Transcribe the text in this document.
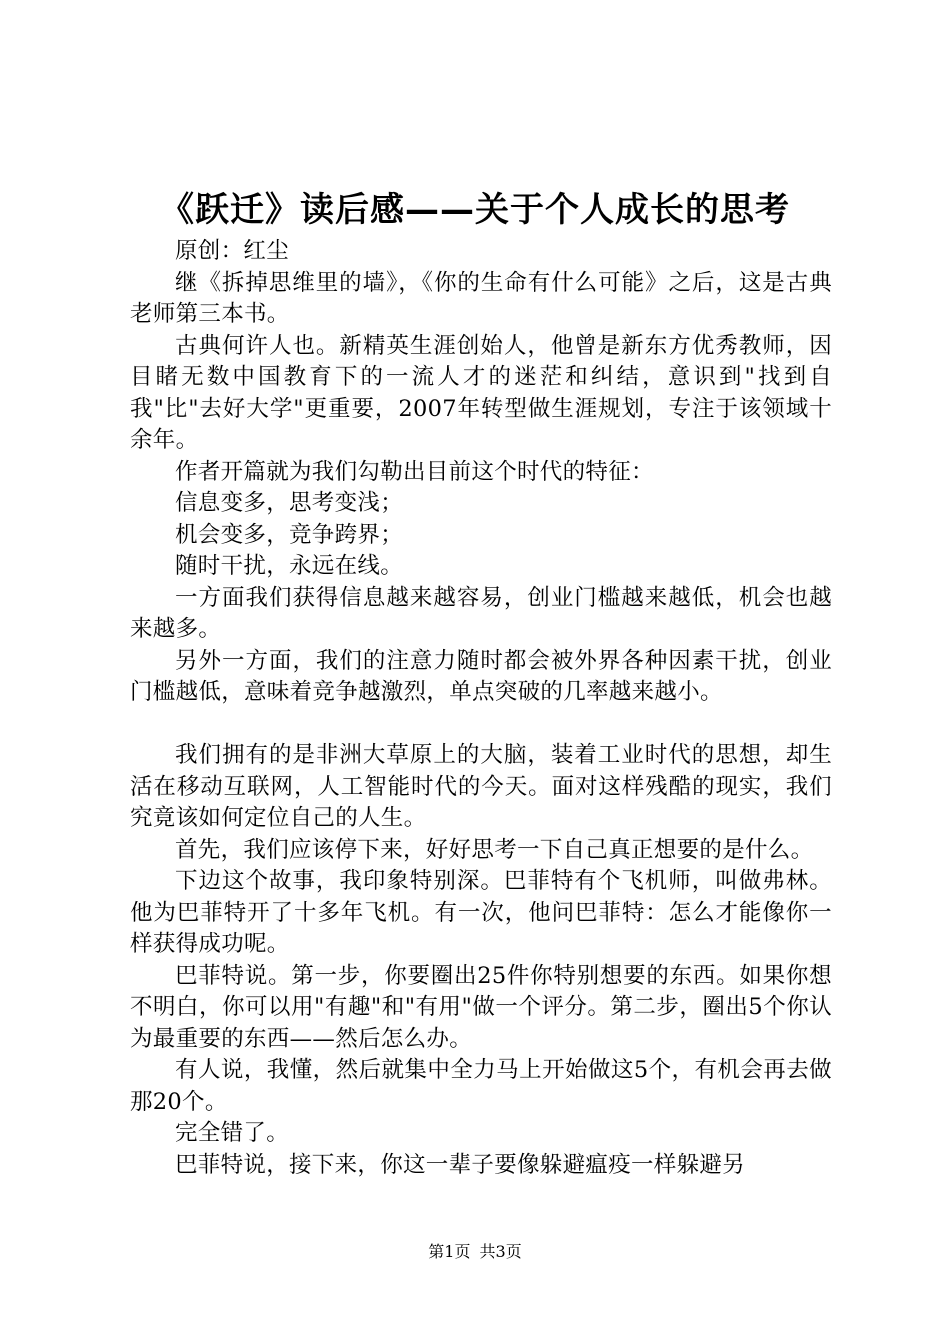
《跃迁》读后感——关于个人成长的思考

原创：红尘

继《拆掉思维里的墙》，《你的生命有什么可能》之后，这是古典老师第三本书。

古典何许人也。新精英生涯创始人，他曾是新东方优秀教师，因目睹无数中国教育下的一流人才的迷茫和纠结，意识到"找到自我"比"去好大学"更重要，2007年转型做生涯规划，专注于该领域十余年。

作者开篇就为我们勾勒出目前这个时代的特征：

信息变多，思考变浅；

机会变多，竞争跨界；

随时干扰，永远在线。

一方面我们获得信息越来越容易，创业门槛越来越低，机会也越来越多。

另外一方面，我们的注意力随时都会被外界各种因素干扰，创业门槛越低，意味着竞争越激烈，单点突破的几率越来越小。

我们拥有的是非洲大草原上的大脑，装着工业时代的思想，却生活在移动互联网，人工智能时代的今天。面对这样残酷的现实，我们究竟该如何定位自己的人生。

首先，我们应该停下来，好好思考一下自己真正想要的是什么。

下边这个故事，我印象特别深。巴菲特有个飞机师，叫做弗林。他为巴菲特开了十多年飞机。有一次，他问巴菲特：怎么才能像你一样获得成功呢。

巴菲特说。第一步，你要圈出25件你特别想要的东西。如果你想不明白，你可以用"有趣"和"有用"做一个评分。第二步，圈出5个你认为最重要的东西——然后怎么办。

有人说，我懂，然后就集中全力马上开始做这5个，有机会再去做那20个。

完全错了。

巴菲特说，接下来，你这一辈子要像躲避瘟疫一样躲避另

第1页 共3页
